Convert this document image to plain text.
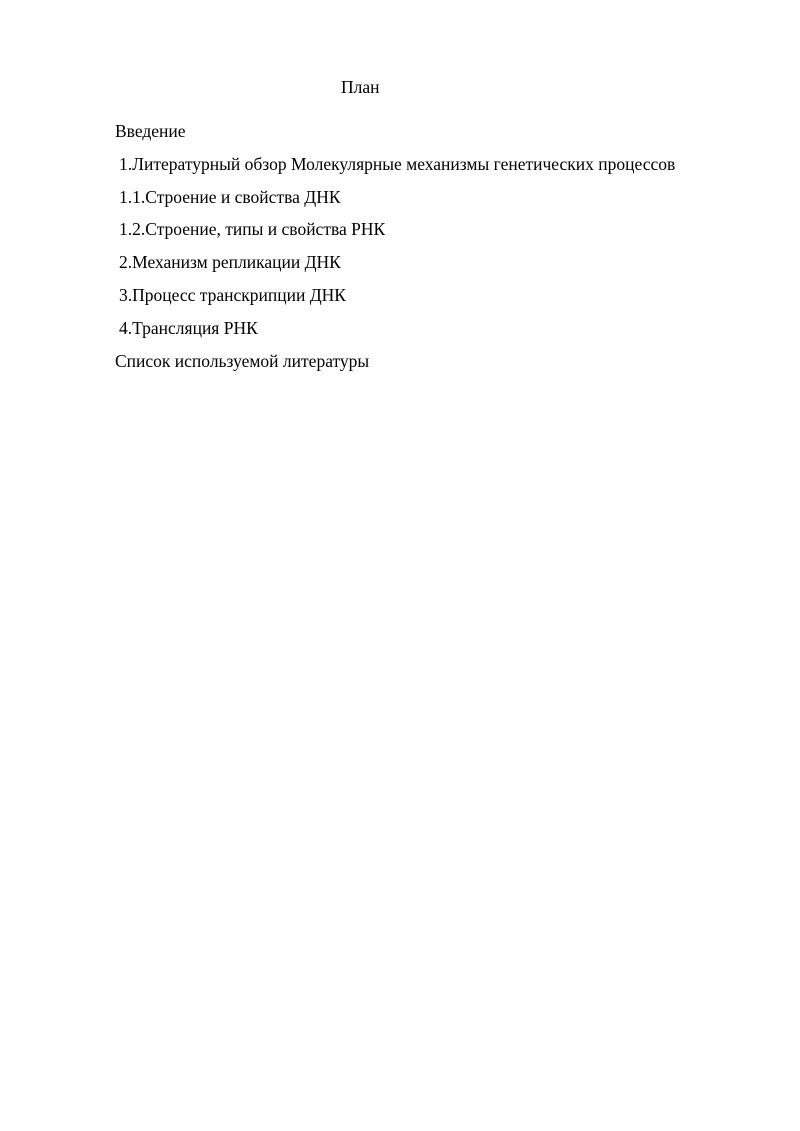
План
Введение
1.Литературный обзор Молекулярные механизмы генетических процессов
1.1.Строение и свойства ДНК
1.2.Строение, типы и свойства РНК
2.Механизм репликации ДНК
3.Процесс транскрипции ДНК
4.Трансляция РНК
Список используемой литературы
